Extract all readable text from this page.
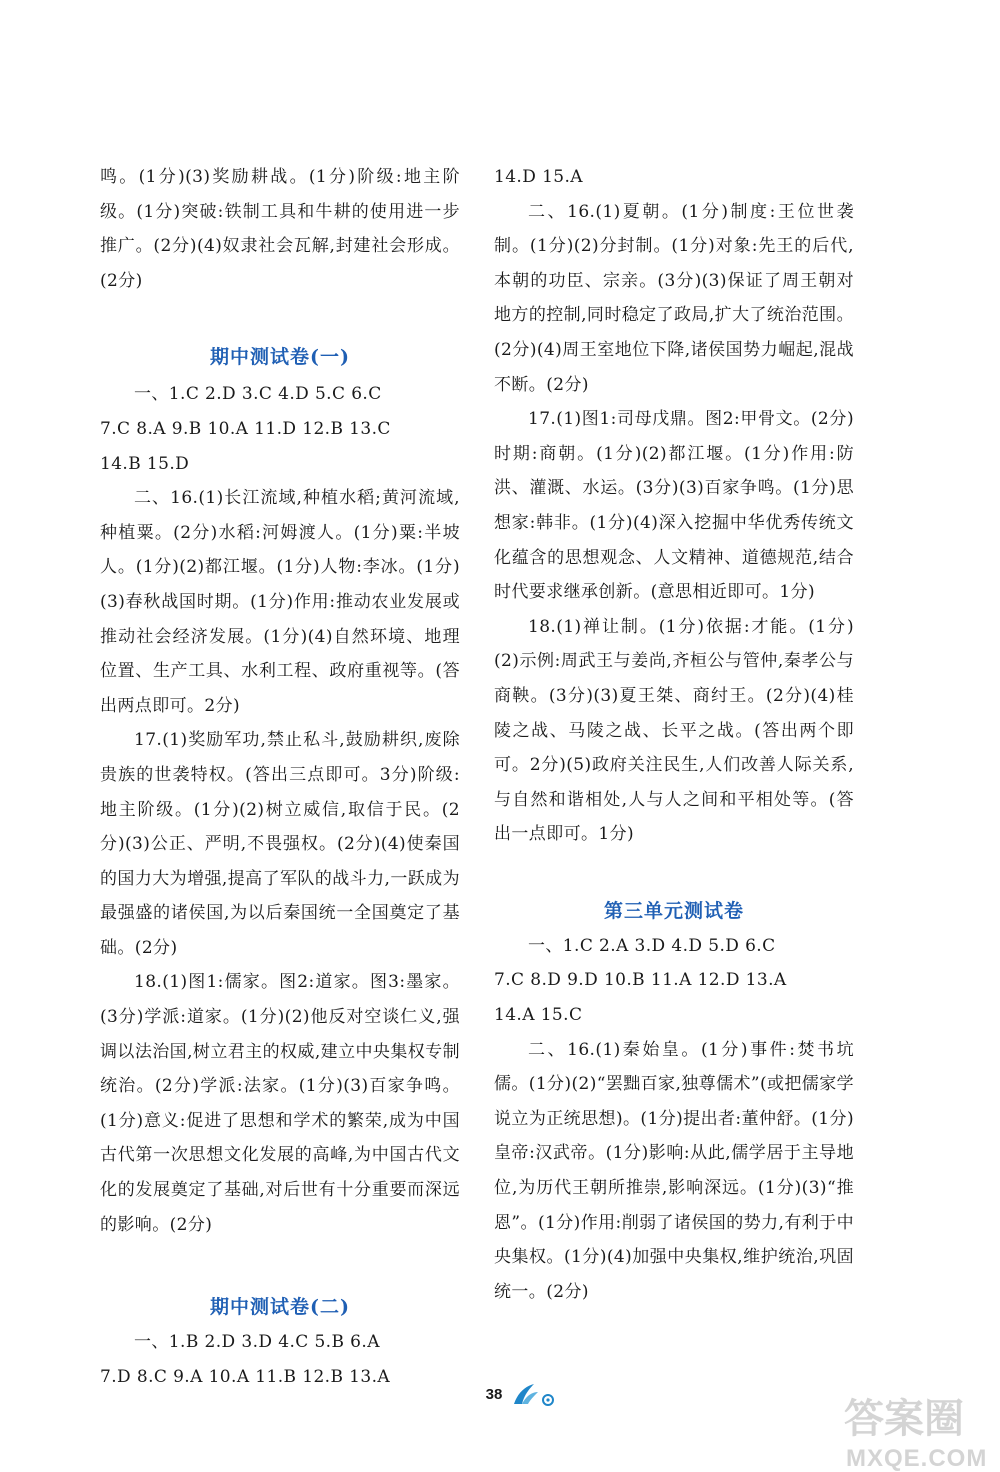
鸣。(1分)(3)奖励耕战。(1分)阶级:地主阶级。(1分)突破:铁制工具和牛耕的使用进一步推广。(2分)(4)奴隶社会瓦解,封建社会形成。(2分)

期中测试卷(一)

一、1.C 2.D 3.C 4.D 5.C 6.C

7.C 8.A 9.B 10.A 11.D 12.B 13.C

14.B 15.D

二、16.(1)长江流域,种植水稻;黄河流域,种植粟。(2分)水稻:河姆渡人。(1分)粟:半坡人。(1分)(2)都江堰。(1分)人物:李冰。(1分)(3)春秋战国时期。(1分)作用:推动农业发展或推动社会经济发展。(1分)(4)自然环境、地理位置、生产工具、水利工程、政府重视等。(答出两点即可。2分)

17.(1)奖励军功,禁止私斗,鼓励耕织,废除贵族的世袭特权。(答出三点即可。3分)阶级:地主阶级。(1分)(2)树立威信,取信于民。(2分)(3)公正、严明,不畏强权。(2分)(4)使秦国的国力大为增强,提高了军队的战斗力,一跃成为最强盛的诸侯国,为以后秦国统一全国奠定了基础。(2分)

18.(1)图1:儒家。图2:道家。图3:墨家。(3分)学派:道家。(1分)(2)他反对空谈仁义,强调以法治国,树立君主的权威,建立中央集权专制统治。(2分)学派:法家。(1分)(3)百家争鸣。(1分)意义:促进了思想和学术的繁荣,成为中国古代第一次思想文化发展的高峰,为中国古代文化的发展奠定了基础,对后世有十分重要而深远的影响。(2分)

期中测试卷(二)

一、1.B 2.D 3.D 4.C 5.B 6.A

7.D 8.C 9.A 10.A 11.B 12.B 13.A

14.D 15.A

二、16.(1)夏朝。(1分)制度:王位世袭制。(1分)(2)分封制。(1分)对象:先王的后代,本朝的功臣、宗亲。(3分)(3)保证了周王朝对地方的控制,同时稳定了政局,扩大了统治范围。(2分)(4)周王室地位下降,诸侯国势力崛起,混战不断。(2分)

17.(1)图1:司母戊鼎。图2:甲骨文。(2分)时期:商朝。(1分)(2)都江堰。(1分)作用:防洪、灌溉、水运。(3分)(3)百家争鸣。(1分)思想家:韩非。(1分)(4)深入挖掘中华优秀传统文化蕴含的思想观念、人文精神、道德规范,结合时代要求继承创新。(意思相近即可。1分)

18.(1)禅让制。(1分)依据:才能。(1分)(2)示例:周武王与姜尚,齐桓公与管仲,秦孝公与商鞅。(3分)(3)夏王桀、商纣王。(2分)(4)桂陵之战、马陵之战、长平之战。(答出两个即可。2分)(5)政府关注民生,人们改善人际关系,与自然和谐相处,人与人之间和平相处等。(答出一点即可。1分)

第三单元测试卷

一、1.C 2.A 3.D 4.D 5.D 6.C

7.C 8.D 9.D 10.B 11.A 12.D 13.A

14.A 15.C

二、16.(1)秦始皇。(1分)事件:焚书坑儒。(1分)(2)“罢黜百家,独尊儒术”(或把儒家学说立为正统思想)。(1分)提出者:董仲舒。(1分)皇帝:汉武帝。(1分)影响:从此,儒学居于主导地位,为历代王朝所推崇,影响深远。(1分)(3)“推恩”。(1分)作用:削弱了诸侯国的势力,有利于中央集权。(1分)(4)加强中央集权,维护统治,巩固统一。(2分)

38
答案圈
MXQE.COM
